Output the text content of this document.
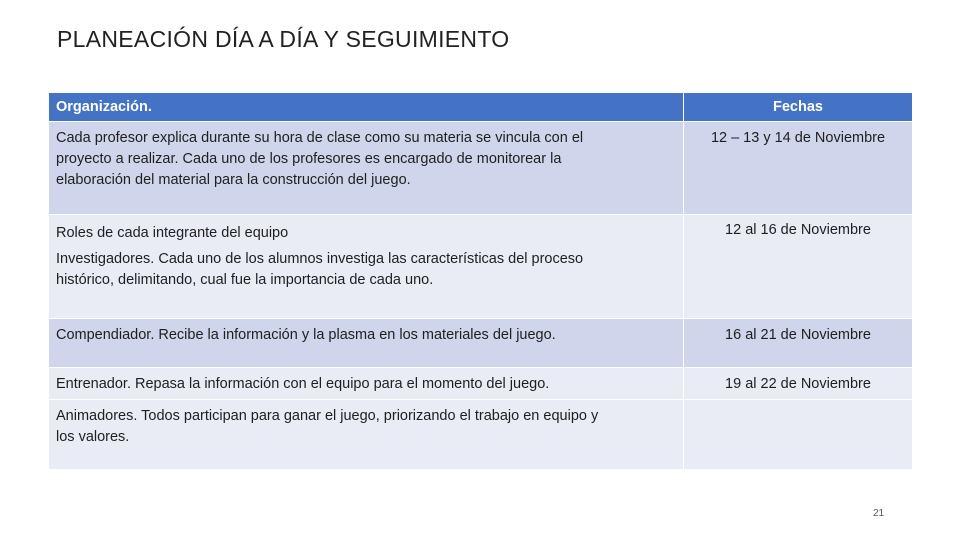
PLANEACIÓN DÍA A DÍA Y SEGUIMIENTO
Organización.	Fechas

Cada profesor explica durante su hora de clase como su materia se vincula con el
proyecto a realizar. Cada uno de los profesores es encargado de monitorear la
elaboración del material para la construcción del juego.	12 – 13 y 14 de Noviembre

Roles de cada integrante del equipo
Investigadores. Cada uno de los alumnos investiga las características del proceso
histórico, delimitando, cual fue la importancia de cada uno.	12 al 16 de Noviembre

Compendiador. Recibe la información y la plasma en los materiales del juego.	16 al 21 de Noviembre

Entrenador. Repasa la información con el equipo para el momento del juego.	19 al 22 de Noviembre

Animadores. Todos participan para ganar el juego, priorizando el trabajo en equipo y
los valores.	

21
